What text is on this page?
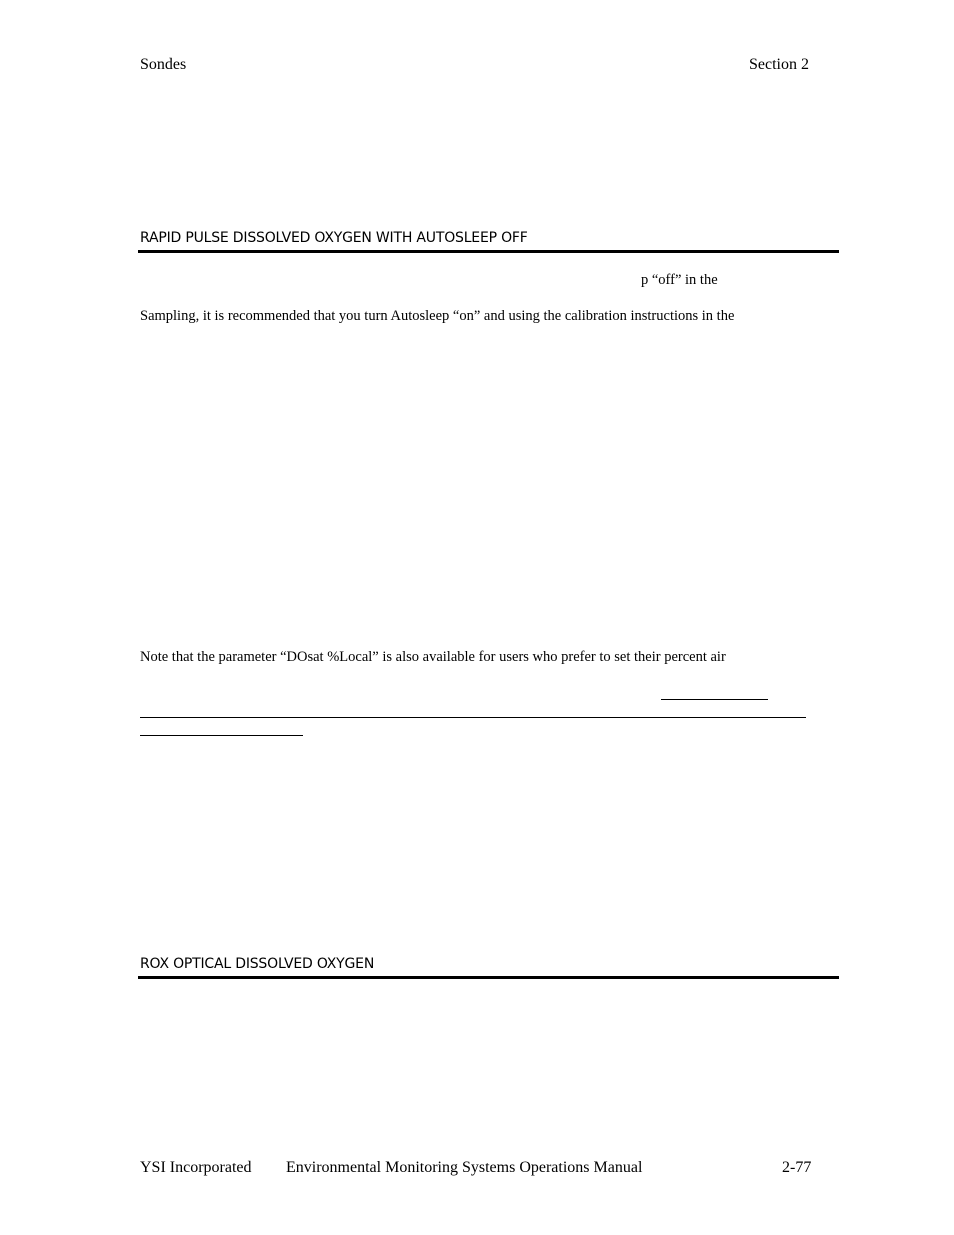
Sondes	Section 2
RAPID PULSE DISSOLVED OXYGEN WITH AUTOSLEEP OFF
p “off” in the
Sampling, it is recommended that you turn Autosleep “on” and using the calibration instructions in the
Note that the parameter “DOsat %Local” is also available for users who prefer to set their percent air
ROX OPTICAL DISSOLVED OXYGEN
YSI Incorporated Environmental Monitoring Systems Operations Manual	2-77
